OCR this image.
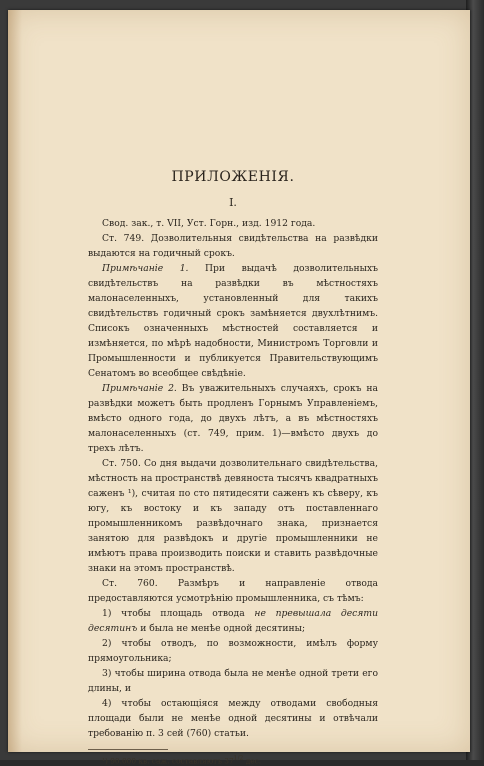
ПРИЛОЖЕНІЯ.
I.

Свод. зак., т. VII, Уст. Горн., изд. 1912 года.

Ст. 749. Дозволительныя свидѣтельства на развѣдки выдаются на годичный срокъ.

Примѣчаніе 1. При выдачѣ дозволительныхъ свидѣтельствъ на развѣдки въ мѣстностяхъ малонаселенныхъ, установленный для такихъ свидѣтельствъ годичный срокъ замѣняется двухлѣтнимъ. Списокъ означенныхъ мѣстностей составляется и измѣняется, по мѣрѣ надобности, Министромъ Торговли и Промышленности и публикуется Правительствующимъ Сенатомъ во всеобщее свѣдѣніе.

Примѣчаніе 2. Въ уважительныхъ случаяхъ, срокъ на развѣдки можетъ быть продленъ Горнымъ Управленіемъ, вмѣсто одного года, до двухъ лѣтъ, а въ мѣстностяхъ малонаселенныхъ (ст. 749, прим. 1)—вмѣсто двухъ до трехъ лѣтъ.

Ст. 750. Со дня выдачи дозволительнаго свидѣтельства, мѣстность на пространствѣ девяноста тысячъ квадратныхъ саженъ ¹), считая по сто пятидесяти саженъ къ сѣверу, къ югу, къ востоку и къ западу отъ поставленнаго промышленникомъ развѣдочнаго знака, признается занятою для развѣдокъ и другіе промышленники не имѣютъ права производить поиски и ставить развѣдочные знаки на этомъ пространствѣ.

Ст. 760. Размѣръ и направленіе отвода предоставляются усмотрѣнію промышленника, съ тѣмъ:

1) чтобы площадь отвода не превышала десяти десятинъ и была не менѣе одной десятины;

2) чтобы отводъ, по возможности, имѣлъ форму прямоугольника;

3) чтобы ширина отвода была не менѣе одной трети его длины, и

4) чтобы остающіяся между отводами свободныя площади были не менѣе одной десятины и отвѣчали требованію п. 3 сей (760) статьи.

¹) 90.000 кв. саж. составляютъ $37^{1/2}$ дес.
